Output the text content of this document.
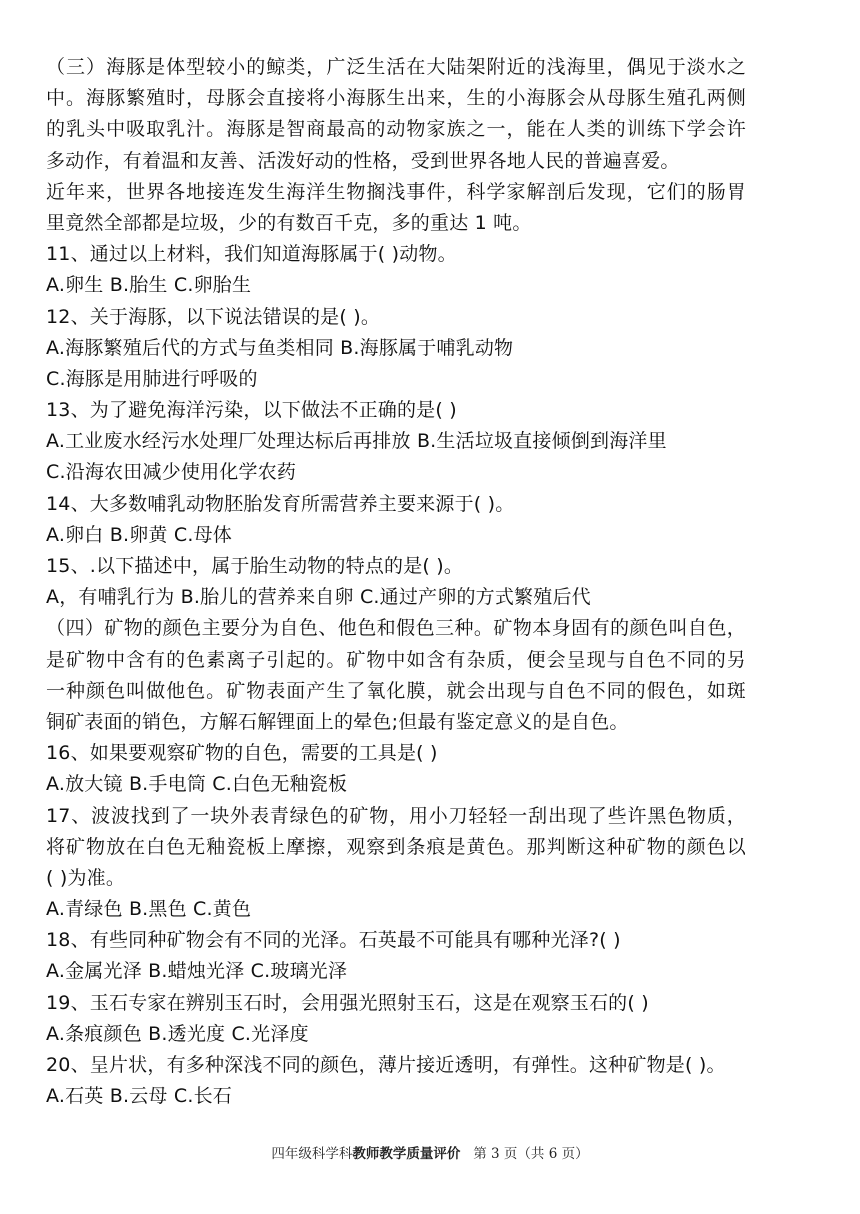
（三）海豚是体型较小的鲸类，广泛生活在大陆架附近的浅海里，偶见于淡水之
中。海豚繁殖时，母豚会直接将小海豚生出来，生的小海豚会从母豚生殖孔两侧
的乳头中吸取乳汁。海豚是智商最高的动物家族之一，能在人类的训练下学会许
多动作，有着温和友善、活泼好动的性格，受到世界各地人民的普遍喜爱。
近年来，世界各地接连发生海洋生物搁浅事件，科学家解剖后发现，它们的肠胃
里竟然全部都是垃圾，少的有数百千克，多的重达 1 吨。
11、通过以上材料，我们知道海豚属于( )动物。
A.卵生 B.胎生 C.卵胎生
12、关于海豚，以下说法错误的是( )。
A.海豚繁殖后代的方式与鱼类相同 B.海豚属于哺乳动物
C.海豚是用肺进行呼吸的
13、为了避免海洋污染，以下做法不正确的是( )
A.工业废水经污水处理厂处理达标后再排放 B.生活垃圾直接倾倒到海洋里
C.沿海农田减少使用化学农药
14、大多数哺乳动物胚胎发育所需营养主要来源于( )。
A.卵白 B.卵黄 C.母体
15、.以下描述中，属于胎生动物的特点的是( )。
A，有哺乳行为 B.胎儿的营养来自卵 C.通过产卵的方式繁殖后代
（四）矿物的颜色主要分为自色、他色和假色三种。矿物本身固有的颜色叫自色，
是矿物中含有的色素离子引起的。矿物中如含有杂质，便会呈现与自色不同的另
一种颜色叫做他色。矿物表面产生了氧化膜，就会出现与自色不同的假色，如斑
铜矿表面的销色，方解石解锂面上的晕色;但最有鉴定意义的是自色。
16、如果要观察矿物的自色，需要的工具是( )
A.放大镜 B.手电筒 C.白色无釉瓷板
17、波波找到了一块外表青绿色的矿物，用小刀轻轻一刮出现了些许黑色物质，
将矿物放在白色无釉瓷板上摩擦，观察到条痕是黄色。那判断这种矿物的颜色以
( )为准。
A.青绿色 B.黑色 C.黄色
18、有些同种矿物会有不同的光泽。石英最不可能具有哪种光泽?( )
A.金属光泽 B.蜡烛光泽 C.玻璃光泽
19、玉石专家在辨别玉石时，会用强光照射玉石，这是在观察玉石的( )
A.条痕颜色 B.透光度 C.光泽度
20、呈片状，有多种深浅不同的颜色，薄片接近透明，有弹性。这种矿物是( )。
A.石英 B.云母 C.长石
四年级科学科教师教学质量评价 第 3 页（共 6 页）
